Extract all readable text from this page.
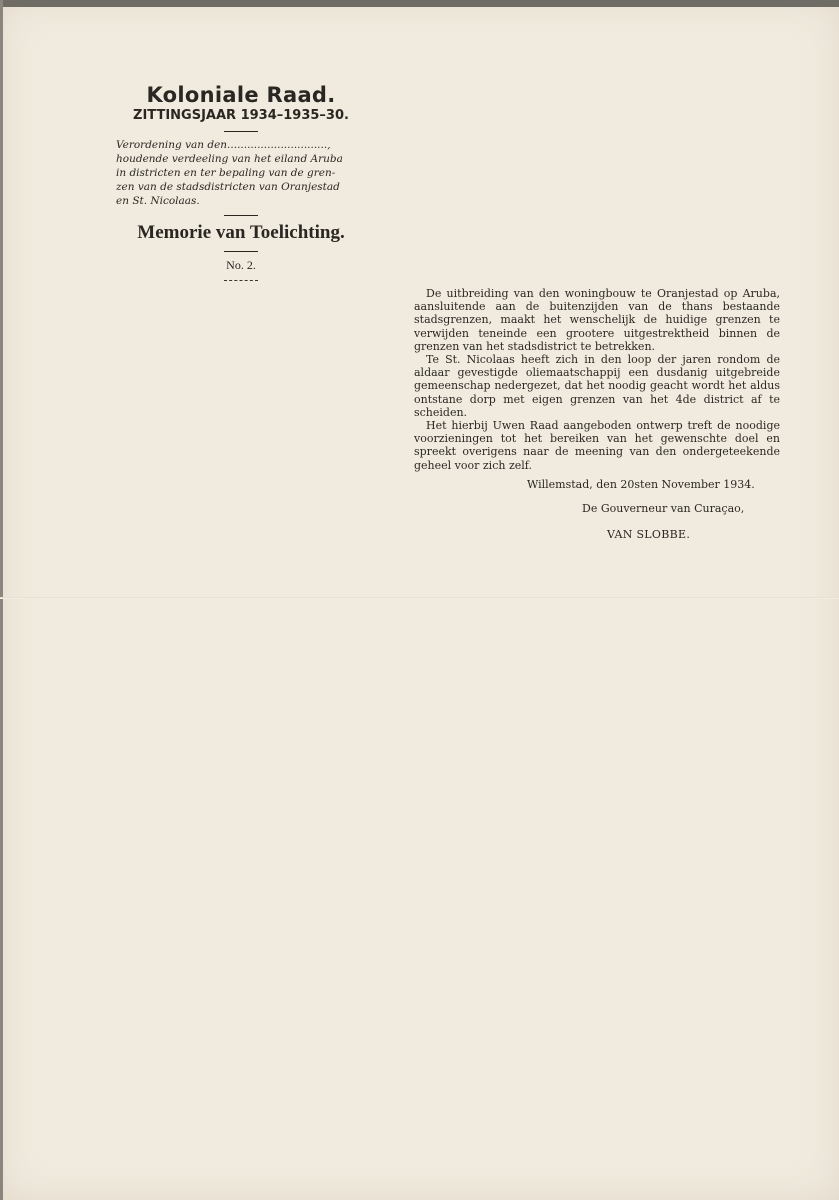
Koloniale Raad.
ZITTINGSJAAR 1934–1935–30.
Verordening van den..............................,
houdende verdeeling van het eiland Aruba
in districten en ter bepaling van de gren-
zen van de stadsdistricten van Oranjestad
en St. Nicolaas.
Memorie van Toelichting.
No. 2.

De uitbreiding van den woningbouw te Oranjestad op Aruba, aansluitende aan de buitenzijden van de thans bestaande stadsgrenzen, maakt het wenschelijk de huidige grenzen te verwijden teneinde een grootere uitgestrektheid binnen de grenzen van het stadsdistrict te betrekken.

Te St. Nicolaas heeft zich in den loop der jaren rondom de aldaar gevestigde oliemaatschappij een dusdanig uitgebreide gemeenschap nedergezet, dat het noodig geacht wordt het aldus ontstane dorp met eigen grenzen van het 4de district af te scheiden.

Het hierbij Uwen Raad aangeboden ontwerp treft de noodige voorzieningen tot het bereiken van het gewenschte doel en spreekt overigens naar de meening van den ondergeteekende geheel voor zich zelf.

Willemstad, den 20sten November 1934.
De Gouverneur van Curaçao,
VAN SLOBBE.
